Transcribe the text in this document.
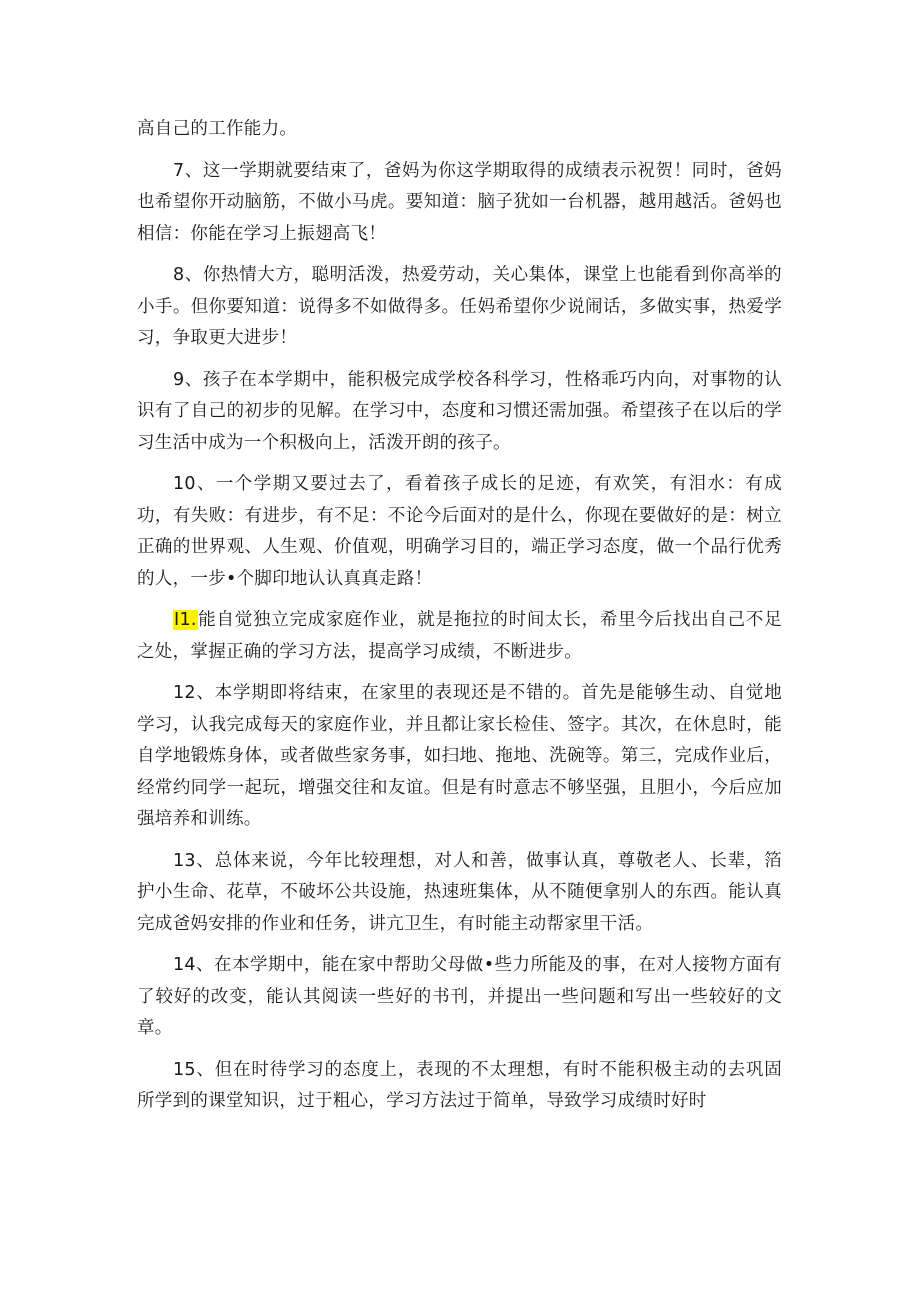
高自己的工作能力。

7、这一学期就要结束了，爸妈为你这学期取得的成绩表示祝贺！同时，爸妈也希望你开动脑筋，不做小马虎。要知道：脑子犹如一台机器，越用越活。爸妈也相信：你能在学习上振翅高飞！

8、你热情大方，聪明活泼，热爱劳动，关心集体，课堂上也能看到你高举的小手。但你要知道：说得多不如做得多。任妈希望你少说闹话，多做实事，热爱学习，争取更大进步！

9、孩子在本学期中，能积极完成学校各科学习，性格乖巧内向，对事物的认识有了自己的初步的见解。在学习中，态度和习惯还需加强。希望孩子在以后的学习生活中成为一个积极向上，活泼开朗的孩子。

10、一个学期又要过去了，看着孩子成长的足迹，有欢笑，有泪水：有成功，有失败：有进步，有不足：不论今后面对的是什么，你现在要做好的是：树立正确的世界观、人生观、价值观，明确学习目的，端正学习态度，做一个品行优秀的人，一步•个脚印地认认真真走路！

I1.能自觉独立完成家庭作业，就是拖拉的时间太长，希里今后找出自己不足之处，掌握正确的学习方法，提高学习成绩，不断进步。

12、本学期即将结束，在家里的表现还是不错的。首先是能够生动、自觉地学习，认我完成每天的家庭作业，并且都让家长检佳、签字。其次，在休息时，能自学地锻炼身体，或者做些家务事，如扫地、拖地、洗碗等。第三，完成作业后，经常约同学一起玩，增强交往和友谊。但是有时意志不够坚强，且胆小，今后应加强培养和训练。

13、总体来说，今年比较理想，对人和善，做事认真，尊敬老人、长辈，箔护小生命、花草，不破坏公共设施，热速班集体，从不随便拿别人的东西。能认真完成爸妈安排的作业和任务，讲亢卫生，有时能主动帮家里干活。

14、在本学期中，能在家中帮助父母做•些力所能及的事，在对人接物方面有了较好的改变，能认其阅读一些好的书刊，并提出一些问题和写出一些较好的文章。

15、但在时待学习的态度上，表现的不太理想，有时不能积极主动的去巩固所学到的课堂知识，过于粗心，学习方法过于简单，导致学习成绩时好时
